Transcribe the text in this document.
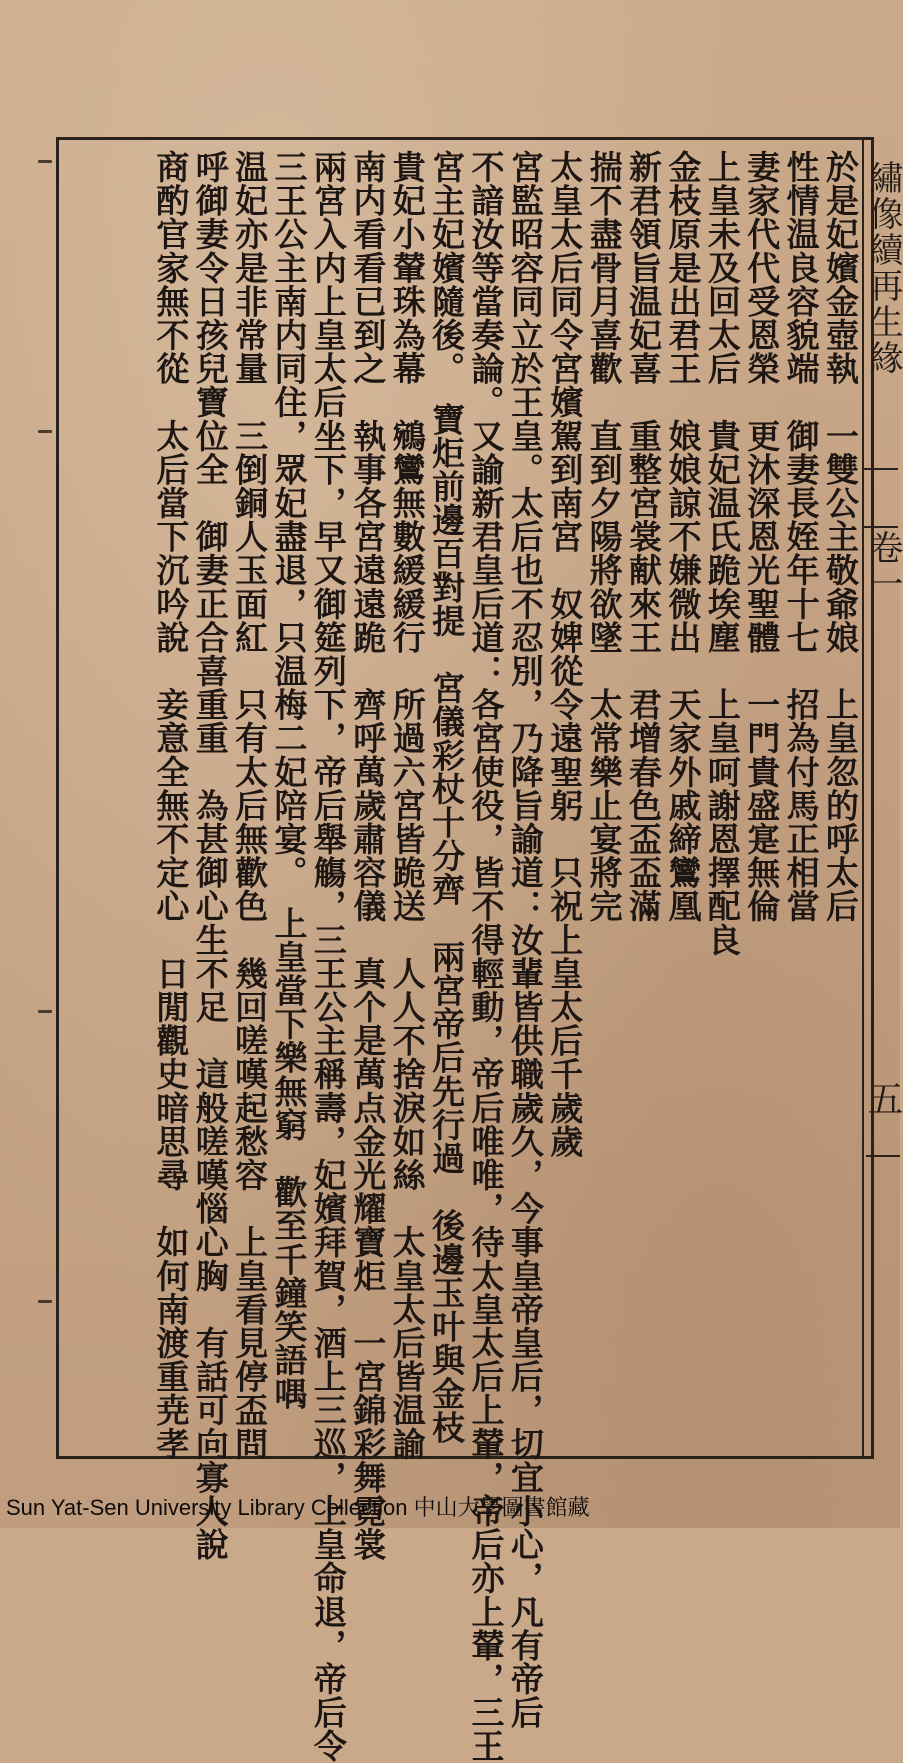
繡像續再生緣
卷一
五
於是妃嬪金壺執　一雙公主敬爺娘　上皇忽的呼太后
性情温良容貌端　御妻長姪年十七　招為付馬正相當
妻家代代受恩榮　更沐深恩光聖體　一門貴盛寔無倫
上皇未及回太后　貴妃温氏跪埃塵　上皇呵謝恩擇配良
金枝原是出君王　娘娘諒不嫌微出　天家外戚締鸞凰
新君領旨温妃喜　重整宮裳献來王　君增春色盃盃滿
揣不盡骨月喜歡　直到夕陽將欲墜　太常樂止宴將完
太皇太后同令宮嬪駕到南宮　奴婢從令遠聖躬　只祝上皇太后千歲歲
宮監昭容同立於王皇。太后也不忍別，乃降旨諭道：汝輩皆供職歲久，今事皇帝皇后，切宜小心，凡有帝后
不諳汝等當奏論。又諭新君皇后道：各宮使役，皆不得輕動，帝后唯唯，待太皇太后上輦，帝后亦上輦，三王
宮主妃嬪隨後。　寶炬前邊百對提　宮儀彩杖十分齊　兩宮帝后先行過　後邊玉叶與金枝
貴妃小輦珠為幕　鵷鸞無數緩緩行　所過六宮皆跪送　人人不捨淚如絲　太皇太后皆温諭
南内看看已到之　執事各宮遠遠跪　齊呼萬歲肅容儀　真个是萬点金光耀寶炬　一宮錦彩舞霓裳
兩宮入内上皇太后坐下，早又御筵列下，帝后舉觴，三王公主稱壽，妃嬪拜賀，酒上三巡，上皇命退，帝后令
三王公主南内同住，眾妃盡退，只温梅二妃陪宴。　上皇當下樂無窮　歡至千鐘笑語喁
温妃亦是非常量　三倒銅人玉面紅　只有太后無歡色　幾回嗟嘆起愁容　上皇看見停盃問
呼御妻令日孩兒寶位全　御妻正合喜重重　為甚御心生不足　這般嗟嘆惱心胸　有話可向寡人說
商酌官家無不從　太后當下沉吟說　妾意全無不定心　日閒觀史暗思尋　如何南渡重尭孝
Sun Yat-Sen University Library Collection 中山大學圖書館藏
